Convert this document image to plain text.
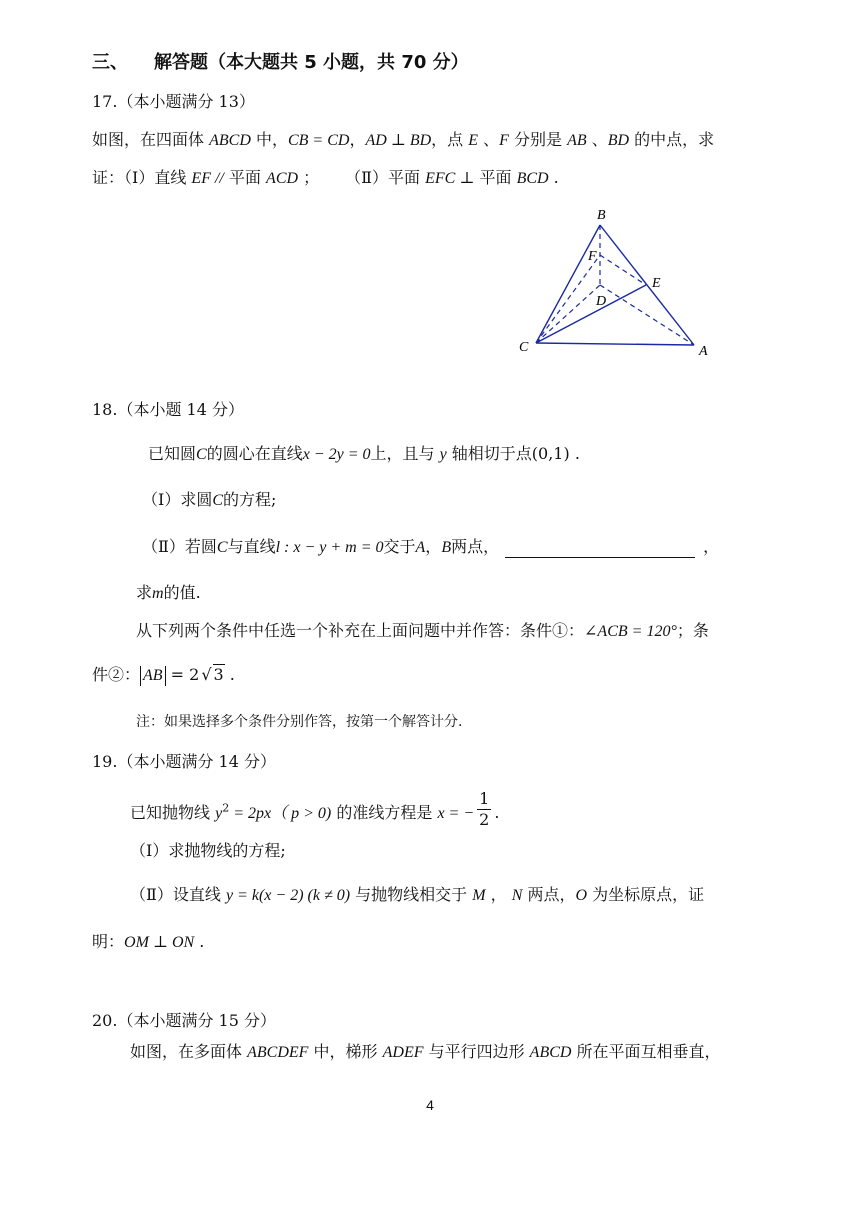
三、 解答题（本大题共 5 小题，共 70 分）
17.（本小题满分 13）
如图，在四面体 ABCD 中，CB = CD，AD ⊥ BD，点 E 、F 分别是 AB 、BD 的中点，求
证：（Ⅰ）直线 EF // 平面 ACD ； （Ⅱ）平面 EFC ⊥ 平面 BCD .
B
F
E
D
C	A
18.（本小题 14 分）
已知圆C的圆心在直线x − 2y = 0上，且与 y 轴相切于点(0,1) .
（Ⅰ）求圆C的方程;
（Ⅱ）若圆C与直线l : x − y + m = 0交于A，B两点，	，
求m的值.
从下列两个条件中任选一个补充在上面问题中并作答：条件①：∠ACB = 120°；条
件②： AB = 2 √ 3 .
注：如果选择多个条件分别作答，按第一个解答计分.
19.（本小题满分 14 分）
已知抛物线 $y^2 = 2px$（ p > 0) 的准线方程是 x = − $\frac{1}{2}$ .
（Ⅰ）求抛物线的方程;
（Ⅱ）设直线 y = k(x − 2) (k ≠ 0) 与抛物线相交于 M ， N 两点，O 为坐标原点，证
明：OM ⊥ ON .
20.（本小题满分 15 分）
如图，在多面体 ABCDEF 中，梯形 ADEF 与平行四边形 ABCD 所在平面互相垂直，
4
